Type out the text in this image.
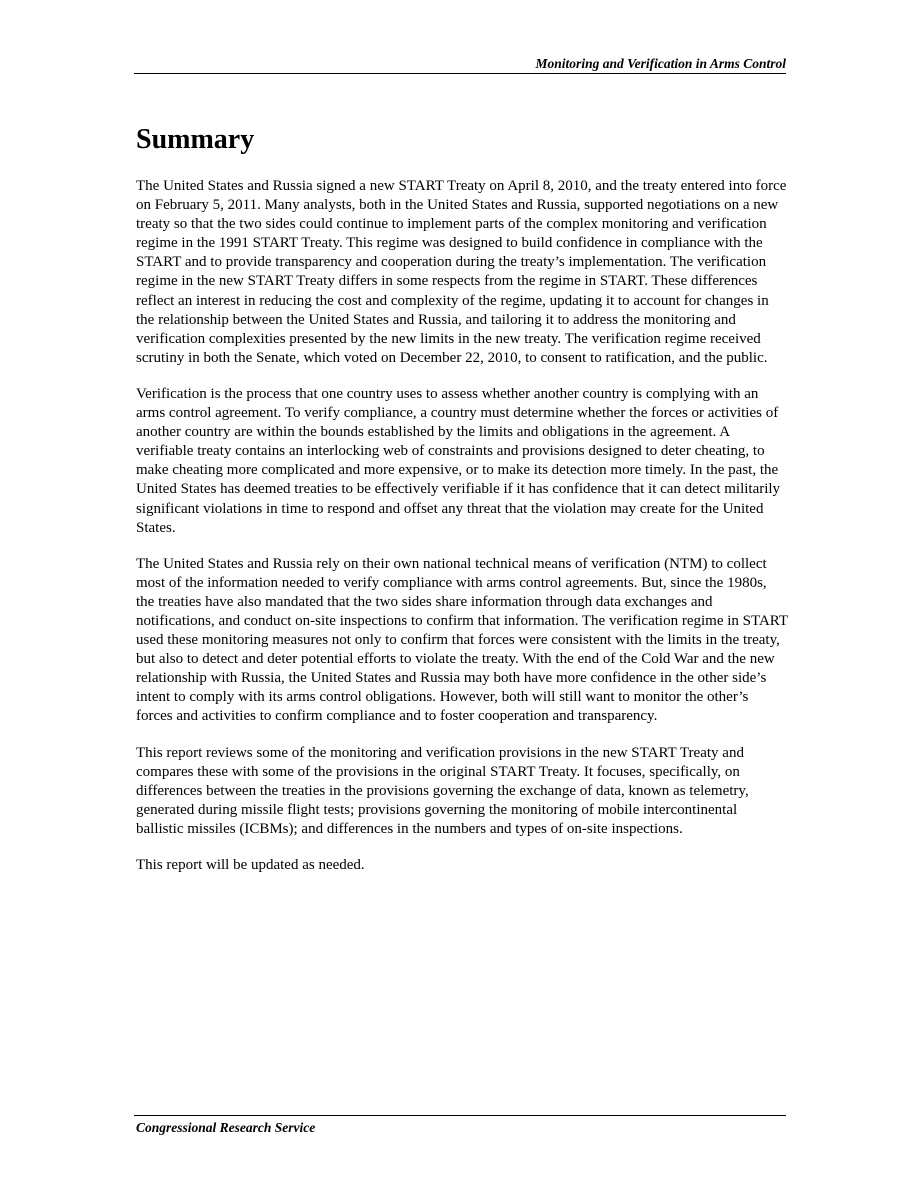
Monitoring and Verification in Arms Control
Summary

The United States and Russia signed a new START Treaty on April 8, 2010, and the treaty entered into force on February 5, 2011. Many analysts, both in the United States and Russia, supported negotiations on a new treaty so that the two sides could continue to implement parts of the complex monitoring and verification regime in the 1991 START Treaty. This regime was designed to build confidence in compliance with the START and to provide transparency and cooperation during the treaty’s implementation. The verification regime in the new START Treaty differs in some respects from the regime in START. These differences reflect an interest in reducing the cost and complexity of the regime, updating it to account for changes in the relationship between the United States and Russia, and tailoring it to address the monitoring and verification complexities presented by the new limits in the new treaty. The verification regime received scrutiny in both the Senate, which voted on December 22, 2010, to consent to ratification, and the public.

Verification is the process that one country uses to assess whether another country is complying with an arms control agreement. To verify compliance, a country must determine whether the forces or activities of another country are within the bounds established by the limits and obligations in the agreement. A verifiable treaty contains an interlocking web of constraints and provisions designed to deter cheating, to make cheating more complicated and more expensive, or to make its detection more timely. In the past, the United States has deemed treaties to be effectively verifiable if it has confidence that it can detect militarily significant violations in time to respond and offset any threat that the violation may create for the United States.

The United States and Russia rely on their own national technical means of verification (NTM) to collect most of the information needed to verify compliance with arms control agreements. But, since the 1980s, the treaties have also mandated that the two sides share information through data exchanges and notifications, and conduct on-site inspections to confirm that information. The verification regime in START used these monitoring measures not only to confirm that forces were consistent with the limits in the treaty, but also to detect and deter potential efforts to violate the treaty. With the end of the Cold War and the new relationship with Russia, the United States and Russia may both have more confidence in the other side’s intent to comply with its arms control obligations. However, both will still want to monitor the other’s forces and activities to confirm compliance and to foster cooperation and transparency.

This report reviews some of the monitoring and verification provisions in the new START Treaty and compares these with some of the provisions in the original START Treaty. It focuses, specifically, on differences between the treaties in the provisions governing the exchange of data, known as telemetry, generated during missile flight tests; provisions governing the monitoring of mobile intercontinental ballistic missiles (ICBMs); and differences in the numbers and types of on-site inspections.

This report will be updated as needed.

Congressional Research Service
